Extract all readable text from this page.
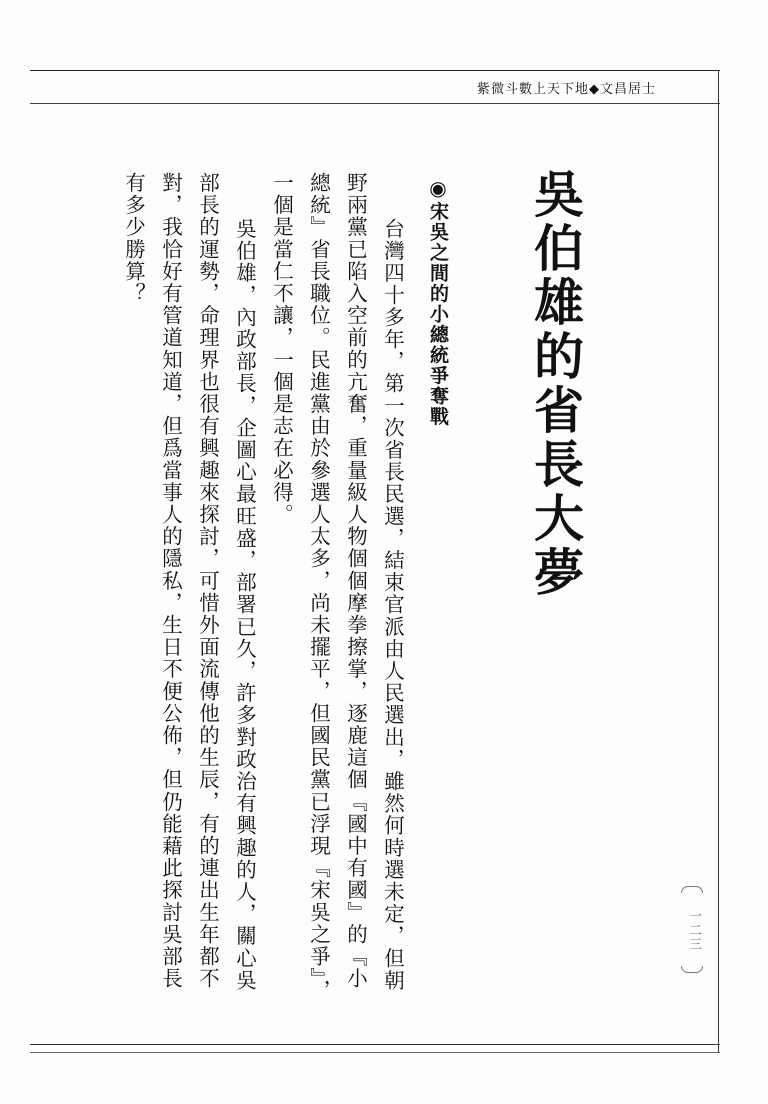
紫微斗數上天下地◆文昌居士
吳伯雄的省長大夢
◉宋吳之間的小總統爭奪戰
台灣四十多年，第一次省長民選，結束官派由人民選出，雖然何時選未定，但朝
野兩黨已陷入空前的亢奮，重量級人物個個摩拳擦掌，逐鹿這個『國中有國』的『小
總統』省長職位。民進黨由於參選人太多，尚未擺平，但國民黨已浮現『宋吳之爭』，
一個是當仁不讓，一個是志在必得。
吳伯雄，內政部長，企圖心最旺盛，部署已久，許多對政治有興趣的人，關心吳
部長的運勢，命理界也很有興趣來探討，可惜外面流傳他的生辰，有的連出生年都不
對，我恰好有管道知道，但爲當事人的隱私，生日不便公佈，但仍能藉此探討吳部長
有多少勝算？
一二三
